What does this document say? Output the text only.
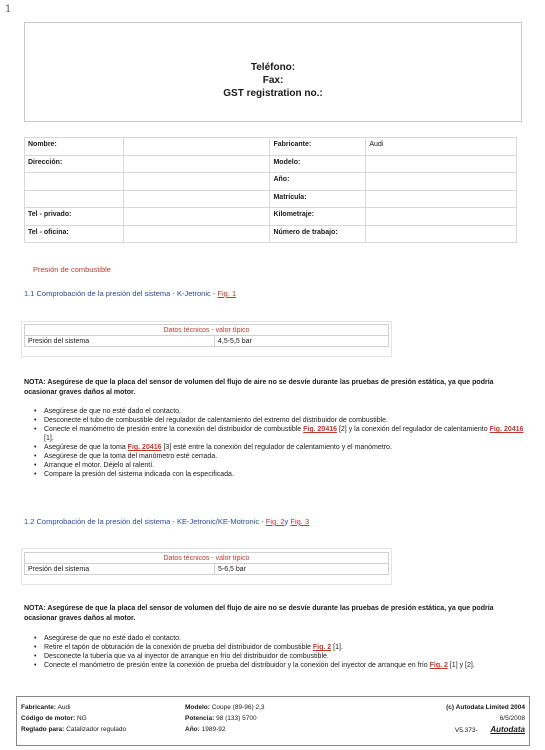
1
Teléfono:
Fax:
GST registration no.:
Nombre:		Fabricante:	Audi
Dirección:		Modelo:	
		Año:	
		Matrícula:	
Tel - privado:		Kilometraje:	
Tel - oficina:		Número de trabajo:	
Presión de combustible
1.1 Comprobación de la presión del sistema - K-Jetronic - Fig. 1
Datos técnicos - valor típico
Presión del sistema	4,5-5,5 bar
NOTA: Asegúrese de que la placa del sensor de volumen del flujo de aire no se desvíe durante las pruebas de presión estática, ya que podría ocasionar graves daños al motor.
• Asegúrese de que no esté dado el contacto.
• Desconecte el tubo de combustible del regulador de calentamiento del extremo del distribuidor de combustible.
• Conecte el manómetro de presión entre la conexión del distribuidor de combustible Fig. 20416 [2] y la conexión del regulador de calentamiento Fig. 20416 [1].
• Asegúrese de que la toma Fig. 20416 [3] esté entre la conexión del regulador de calentamiento y el manómetro.
• Asegúrese de que la toma del manómetro esté cerrada.
• Arranque el motor. Déjelo al ralentí.
• Compare la presión del sistema indicada con la especificada.
1.2 Comprobación de la presión del sistema - KE-Jetronic/KE-Motronic - Fig. 2y Fig. 3
Datos técnicos - valor típico
Presión del sistema	5-6,5 bar
NOTA: Asegúrese de que la placa del sensor de volumen del flujo de aire no se desvíe durante las pruebas de presión estática, ya que podría ocasionar graves daños al motor.
• Asegúrese de que no esté dado el contacto.
• Retire el tapón de obturación de la conexión de prueba del distribuidor de combustible Fig. 2 [1].
• Desconecte la tubería que va al inyector de arranque en frío del distribuidor de combustible.
• Conecte el manómetro de presión entre la conexión de prueba del distribuidor y la conexión del inyector de arranque en frío Fig. 2 [1] y [2].
Fabricante: Audi
Código de motor: NG
Reglado para: Catalizador regulado
Modelo: Coupe (89-96) 2,3
Potencia: 98 (133) 5700
Año: 1989-92
(c) Autodata Limited 2004
6/5/2008
V5.373- Autodata
